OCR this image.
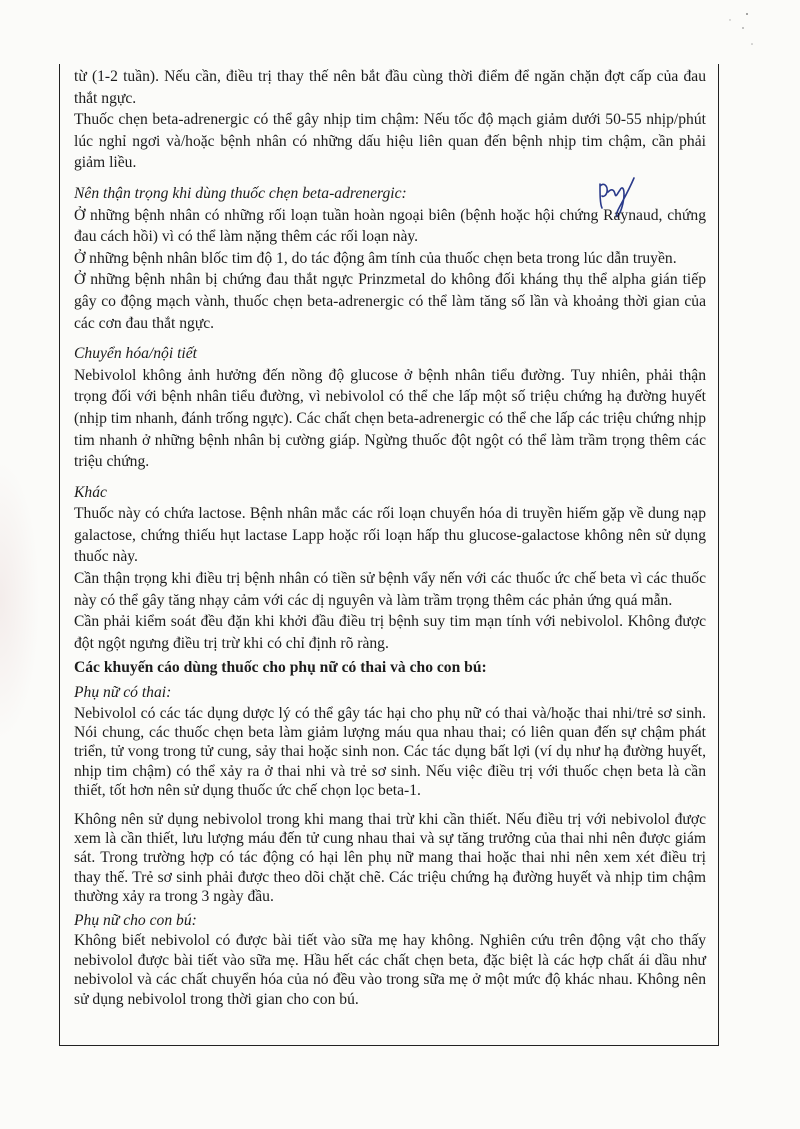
từ (1-2 tuần). Nếu cần, điều trị thay thế nên bắt đầu cùng thời điểm để ngăn chặn đợt cấp của đau thắt ngực.

Thuốc chẹn beta-adrenergic có thể gây nhịp tim chậm: Nếu tốc độ mạch giảm dưới 50-55 nhịp/phút lúc nghỉ ngơi và/hoặc bệnh nhân có những dấu hiệu liên quan đến bệnh nhịp tim chậm, cần phải giảm liều.

Nên thận trọng khi dùng thuốc chẹn beta-adrenergic:

Ở những bệnh nhân có những rối loạn tuần hoàn ngoại biên (bệnh hoặc hội chứng Raynaud, chứng đau cách hồi) vì có thể làm nặng thêm các rối loạn này.

Ở những bệnh nhân blốc tim độ 1, do tác động âm tính của thuốc chẹn beta trong lúc dẫn truyền.

Ở những bệnh nhân bị chứng đau thắt ngực Prinzmetal do không đối kháng thụ thể alpha gián tiếp gây co động mạch vành, thuốc chẹn beta-adrenergic có thể làm tăng số lần và khoảng thời gian của các cơn đau thắt ngực.

Chuyển hóa/nội tiết

Nebivolol không ảnh hưởng đến nồng độ glucose ở bệnh nhân tiểu đường. Tuy nhiên, phải thận trọng đối với bệnh nhân tiểu đường, vì nebivolol có thể che lấp một số triệu chứng hạ đường huyết (nhịp tim nhanh, đánh trống ngực). Các chất chẹn beta-adrenergic có thể che lấp các triệu chứng nhịp tim nhanh ở những bệnh nhân bị cường giáp. Ngừng thuốc đột ngột có thể làm trầm trọng thêm các triệu chứng.

Khác

Thuốc này có chứa lactose. Bệnh nhân mắc các rối loạn chuyển hóa di truyền hiếm gặp về dung nạp galactose, chứng thiếu hụt lactase Lapp hoặc rối loạn hấp thu glucose-galactose không nên sử dụng thuốc này.

Cần thận trọng khi điều trị bệnh nhân có tiền sử bệnh vẩy nến với các thuốc ức chế beta vì các thuốc này có thể gây tăng nhạy cảm với các dị nguyên và làm trầm trọng thêm các phản ứng quá mẫn.

Cần phải kiểm soát đều đặn khi khởi đầu điều trị bệnh suy tim mạn tính với nebivolol. Không được đột ngột ngưng điều trị trừ khi có chỉ định rõ ràng.

Các khuyến cáo dùng thuốc cho phụ nữ có thai và cho con bú:

Phụ nữ có thai:

Nebivolol có các tác dụng dược lý có thể gây tác hại cho phụ nữ có thai và/hoặc thai nhi/trẻ sơ sinh. Nói chung, các thuốc chẹn beta làm giảm lượng máu qua nhau thai; có liên quan đến sự chậm phát triển, tử vong trong tử cung, sảy thai hoặc sinh non. Các tác dụng bất lợi (ví dụ như hạ đường huyết, nhịp tim chậm) có thể xảy ra ở thai nhi và trẻ sơ sinh. Nếu việc điều trị với thuốc chẹn beta là cần thiết, tốt hơn nên sử dụng thuốc ức chế chọn lọc beta-1.

Không nên sử dụng nebivolol trong khi mang thai trừ khi cần thiết. Nếu điều trị với nebivolol được xem là cần thiết, lưu lượng máu đến tử cung nhau thai và sự tăng trưởng của thai nhi nên được giám sát. Trong trường hợp có tác động có hại lên phụ nữ mang thai hoặc thai nhi nên xem xét điều trị thay thế. Trẻ sơ sinh phải được theo dõi chặt chẽ. Các triệu chứng hạ đường huyết và nhịp tim chậm thường xảy ra trong 3 ngày đầu.

Phụ nữ cho con bú:

Không biết nebivolol có được bài tiết vào sữa mẹ hay không. Nghiên cứu trên động vật cho thấy nebivolol được bài tiết vào sữa mẹ. Hầu hết các chất chẹn beta, đặc biệt là các hợp chất ái dầu như nebivolol và các chất chuyển hóa của nó đều vào trong sữa mẹ ở một mức độ khác nhau. Không nên sử dụng nebivolol trong thời gian cho con bú.
